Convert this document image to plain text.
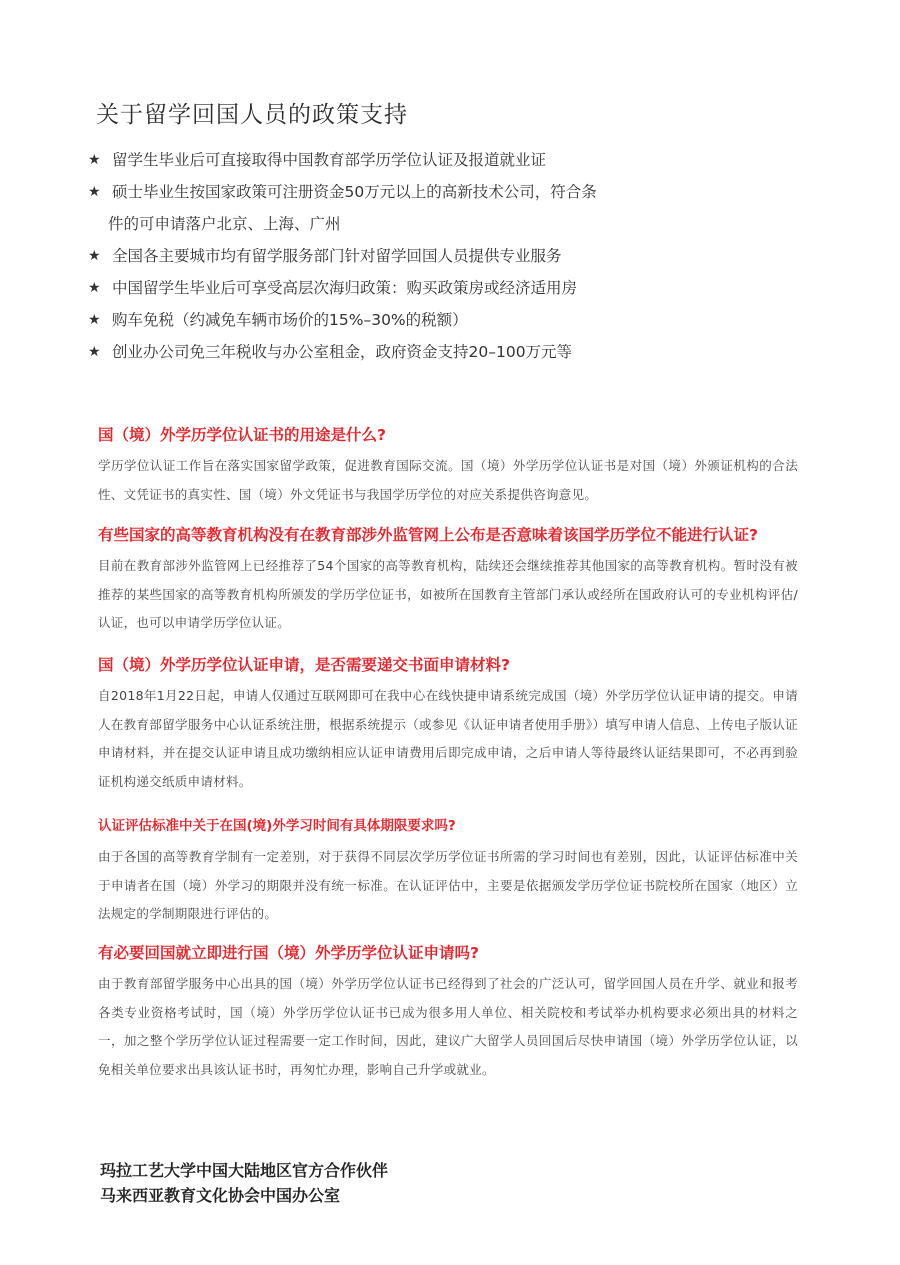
关于留学回国人员的政策支持
★ 留学生毕业后可直接取得中国教育部学历学位认证及报道就业证
★ 硕士毕业生按国家政策可注册资金50万元以上的高新技术公司，符合条
件的可申请落户北京、上海、广州
★ 全国各主要城市均有留学服务部门针对留学回国人员提供专业服务
★ 中国留学生毕业后可享受高层次海归政策：购买政策房或经济适用房
★ 购车免税（约减免车辆市场价的15%–30%的税额）
★ 创业办公司免三年税收与办公室租金，政府资金支持20–100万元等
国（境）外学历学位认证书的用途是什么?

学历学位认证工作旨在落实国家留学政策，促进教育国际交流。国（境）外学历学位认证书是对国（境）外颁证机构的合法性、文凭证书的真实性、国（境）外文凭证书与我国学历学位的对应关系提供咨询意见。

有些国家的高等教育机构没有在教育部涉外监管网上公布是否意味着该国学历学位不能进行认证?

目前在教育部涉外监管网上已经推荐了54个国家的高等教育机构，陆续还会继续推荐其他国家的高等教育机构。暂时没有被推荐的某些国家的高等教育机构所颁发的学历学位证书，如被所在国教育主管部门承认或经所在国政府认可的专业机构评估/认证，也可以申请学历学位认证。

国（境）外学历学位认证申请，是否需要递交书面申请材料?

自2018年1月22日起，申请人仅通过互联网即可在我中心在线快捷申请系统完成国（境）外学历学位认证申请的提交。申请人在教育部留学服务中心认证系统注册，根据系统提示（或参见《认证申请者使用手册》）填写申请人信息、上传电子版认证申请材料，并在提交认证申请且成功缴纳相应认证申请费用后即完成申请，之后申请人等待最终认证结果即可，不必再到验证机构递交纸质申请材料。

认证评估标准中关于在国(境)外学习时间有具体期限要求吗?

由于各国的高等教育学制有一定差别，对于获得不同层次学历学位证书所需的学习时间也有差别，因此，认证评估标准中关于申请者在国（境）外学习的期限并没有统一标准。在认证评估中，主要是依据颁发学历学位证书院校所在国家（地区）立法规定的学制期限进行评估的。

有必要回国就立即进行国（境）外学历学位认证申请吗?

由于教育部留学服务中心出具的国（境）外学历学位认证书已经得到了社会的广泛认可，留学回国人员在升学、就业和报考各类专业资格考试时，国（境）外学历学位认证书已成为很多用人单位、相关院校和考试举办机构要求必须出具的材料之一，加之整个学历学位认证过程需要一定工作时间，因此，建议广大留学人员回国后尽快申请国（境）外学历学位认证，以免相关单位要求出具该认证书时，再匆忙办理，影响自己升学或就业。

玛拉工艺大学中国大陆地区官方合作伙伴
马来西亚教育文化协会中国办公室
